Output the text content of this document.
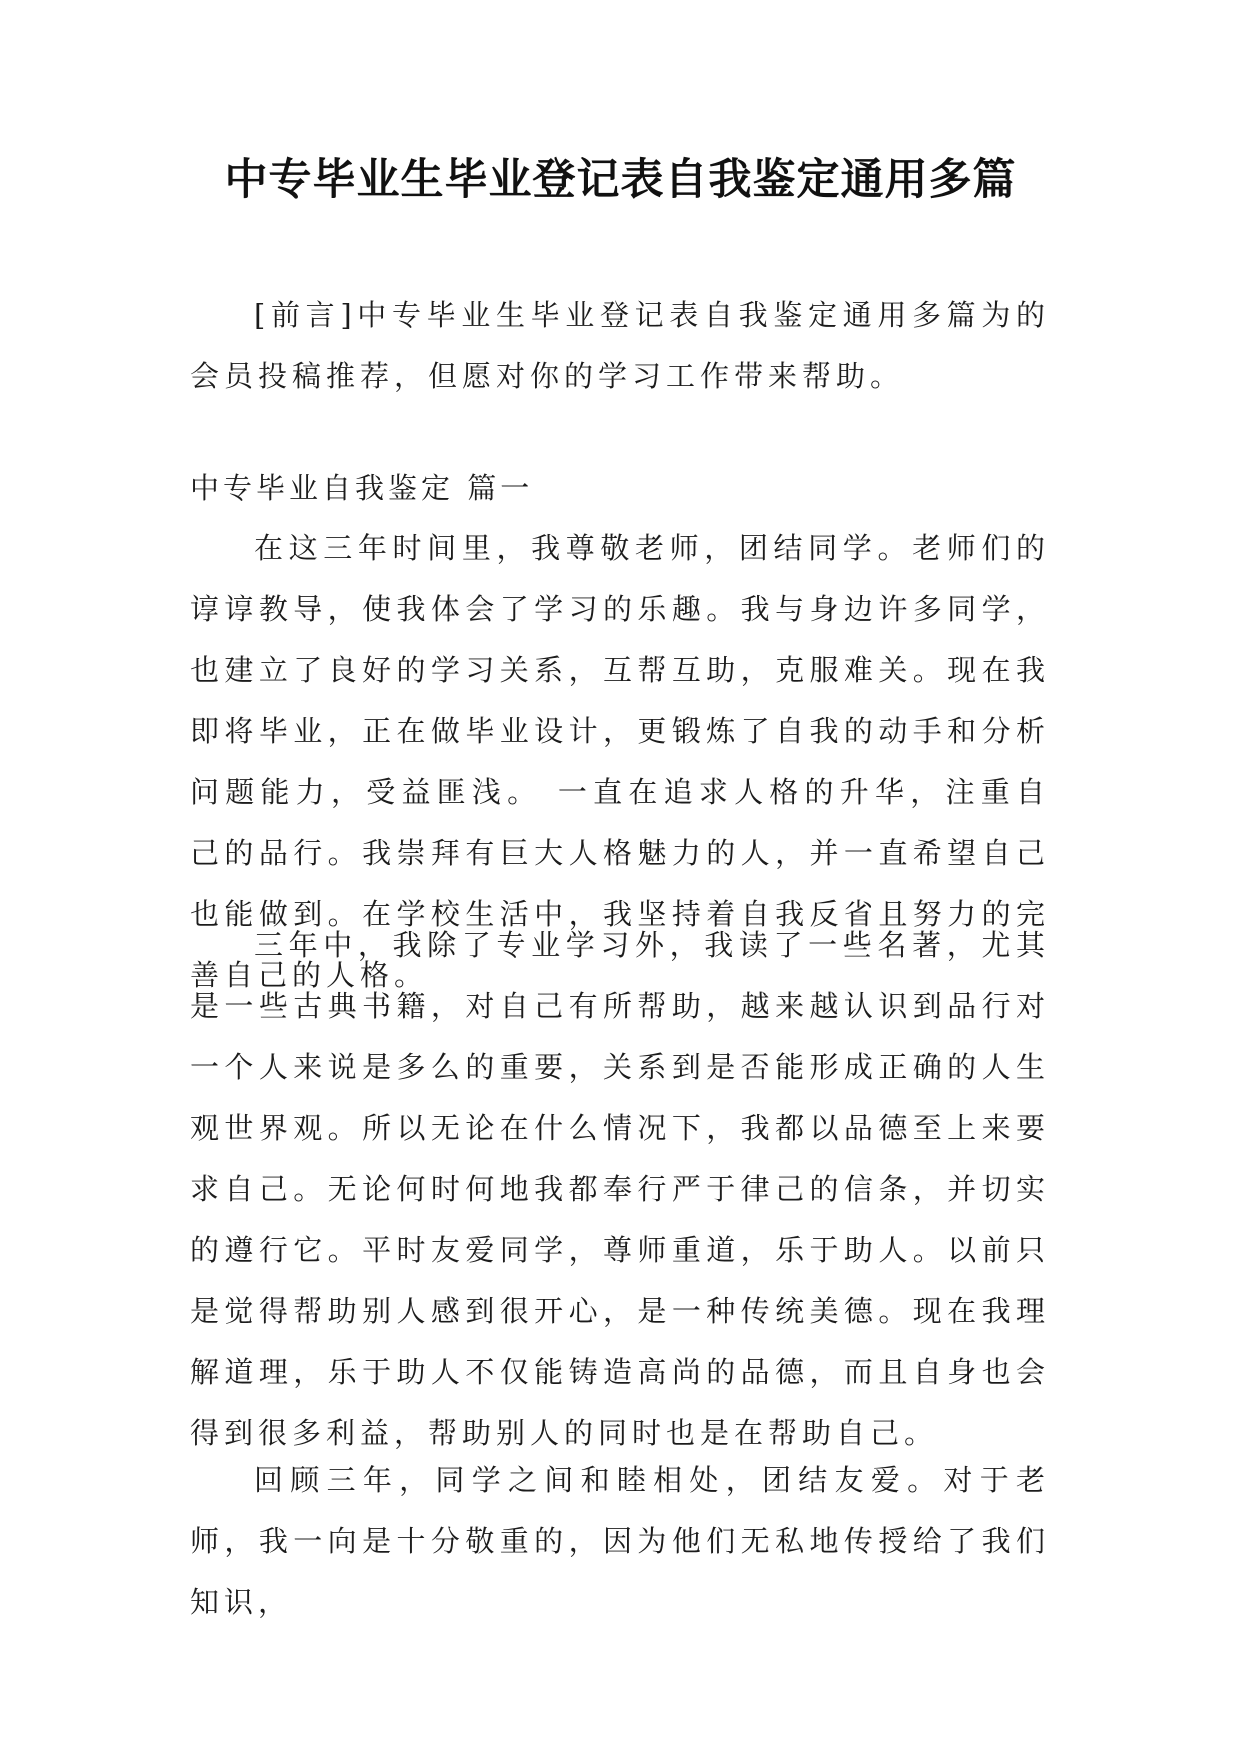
中专毕业生毕业登记表自我鉴定通用多篇

[前言]中专毕业生毕业登记表自我鉴定通用多篇为的会员投稿推荐，但愿对你的学习工作带来帮助。

中专毕业自我鉴定 篇一

在这三年时间里，我尊敬老师，团结同学。老师们的谆谆教导，使我体会了学习的乐趣。我与身边许多同学，也建立了良好的学习关系，互帮互助，克服难关。现在我即将毕业，正在做毕业设计，更锻炼了自我的动手和分析问题能力，受益匪浅。 一直在追求人格的升华，注重自己的品行。我崇拜有巨大人格魅力的人，并一直希望自己也能做到。在学校生活中，我坚持着自我反省且努力的完善自己的人格。

三年中，我除了专业学习外，我读了一些名著，尤其是一些古典书籍，对自己有所帮助，越来越认识到品行对一个人来说是多么的重要，关系到是否能形成正确的人生观世界观。所以无论在什么情况下，我都以品德至上来要求自己。无论何时何地我都奉行严于律己的信条，并切实的遵行它。平时友爱同学，尊师重道，乐于助人。以前只是觉得帮助别人感到很开心，是一种传统美德。现在我理解道理，乐于助人不仅能铸造高尚的品德，而且自身也会得到很多利益，帮助别人的同时也是在帮助自己。

回顾三年，同学之间和睦相处，团结友爱。对于老师，我一向是十分敬重的，因为他们无私地传授给了我们知识，
